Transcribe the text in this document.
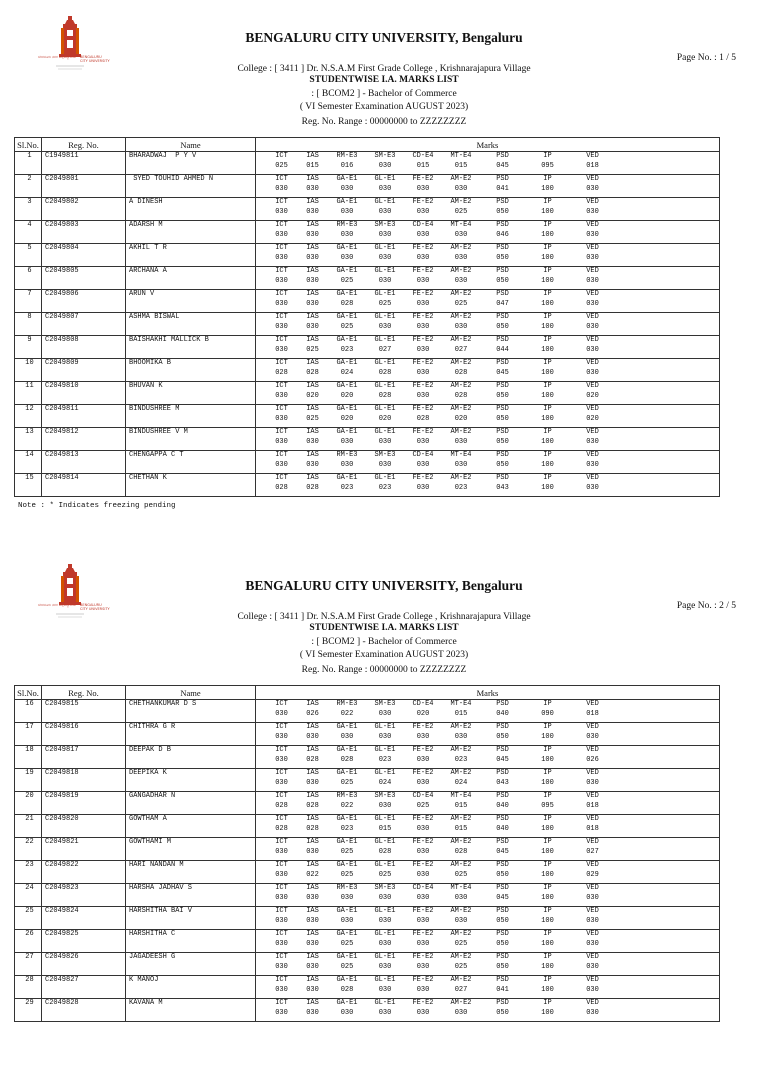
ಬೆಂಗಳೂರು ನಗರ ವಿಶ್ವವಿದ್ಯಾಲಯ BENGALURU
CITY UNIVERSITY
BENGALURU CITY UNIVERSITY, Bengaluru
Page No. : 1 / 5
College : [ 3411 ] Dr. N.S.A.M First Grade College , Krishnarajapura Village
STUDENTWISE I.A. MARKS LIST
: [ BCOM2 ] - Bachelor of Commerce
( VI Semester Examination AUGUST 2023)
Reg. No. Range : 00000000 to ZZZZZZZZ
Sl.No.	Reg. No.	Name	Marks
1	C1949811	BHARADWAJ  P Y V		ICT	IAS	RM-E3	SM-E3	CD-E4	MT-E4	PSD	IP	VED
025	015	016	030	015	015	045	095	018

2	C2049801	SYED TOUHID AHMED N		ICT	IAS	GA-E1	GL-E1	FE-E2	AM-E2	PSD	IP	VED
030	030	030	030	030	030	041	100	030

3	C2049802	A DINESH		ICT	IAS	GA-E1	GL-E1	FE-E2	AM-E2	PSD	IP	VED
030	030	030	030	030	025	050	100	030

4	C2049803	ADARSH M		ICT	IAS	RM-E3	SM-E3	CD-E4	MT-E4	PSD	IP	VED
030	030	030	030	030	030	046	100	030

5	C2049804	AKHIL T R		ICT	IAS	GA-E1	GL-E1	FE-E2	AM-E2	PSD	IP	VED
030	030	030	030	030	030	050	100	030

6	C2049805	ARCHANA A		ICT	IAS	GA-E1	GL-E1	FE-E2	AM-E2	PSD	IP	VED
030	030	025	030	030	030	050	100	030

7	C2049806	ARUN V		ICT	IAS	GA-E1	GL-E1	FE-E2	AM-E2	PSD	IP	VED
030	030	028	025	030	025	047	100	030

8	C2049807	ASHMA BISWAL		ICT	IAS	GA-E1	GL-E1	FE-E2	AM-E2	PSD	IP	VED
030	030	025	030	030	030	050	100	030

9	C2049808	BAISHAKHI MALLICK B		ICT	IAS	GA-E1	GL-E1	FE-E2	AM-E2	PSD	IP	VED
030	025	023	027	030	027	044	100	030

10	C2049809	BHOOMIKA B		ICT	IAS	GA-E1	GL-E1	FE-E2	AM-E2	PSD	IP	VED
028	028	024	028	030	028	045	100	030

11	C2049810	BHUVAN K		ICT	IAS	GA-E1	GL-E1	FE-E2	AM-E2	PSD	IP	VED
030	020	020	028	030	028	050	100	020

12	C2049811	BINDUSHREE M		ICT	IAS	GA-E1	GL-E1	FE-E2	AM-E2	PSD	IP	VED
030	025	020	020	028	020	050	100	020

13	C2049812	BINDUSHREE V M		ICT	IAS	GA-E1	GL-E1	FE-E2	AM-E2	PSD	IP	VED
030	030	030	030	030	030	050	100	030

14	C2049813	CHENGAPPA C T		ICT	IAS	RM-E3	SM-E3	CD-E4	MT-E4	PSD	IP	VED
030	030	030	030	030	030	050	100	030

15	C2049814	CHETHAN K		ICT	IAS	GA-E1	GL-E1	FE-E2	AM-E2	PSD	IP	VED
028	028	023	023	030	023	043	100	030
Note : * Indicates freezing pending
ಬೆಂಗಳೂರು ನಗರ ವಿಶ್ವವಿದ್ಯಾಲಯ BENGALURU
CITY UNIVERSITY
BENGALURU CITY UNIVERSITY, Bengaluru
Page No. : 2 / 5
College : [ 3411 ] Dr. N.S.A.M First Grade College , Krishnarajapura Village
STUDENTWISE I.A. MARKS LIST
: [ BCOM2 ] - Bachelor of Commerce
( VI Semester Examination AUGUST 2023)
Reg. No. Range : 00000000 to ZZZZZZZZ
Sl.No.	Reg. No.	Name	Marks
16	C2049815	CHETHANKUMAR D S		ICT	IAS	RM-E3	SM-E3	CD-E4	MT-E4	PSD	IP	VED
030	026	022	030	020	015	040	090	018

17	C2049816	CHITHRA G R		ICT	IAS	GA-E1	GL-E1	FE-E2	AM-E2	PSD	IP	VED
030	030	030	030	030	030	050	100	030

18	C2049817	DEEPAK D B		ICT	IAS	GA-E1	GL-E1	FE-E2	AM-E2	PSD	IP	VED
030	028	028	023	030	023	045	100	026

19	C2049818	DEEPIKA K		ICT	IAS	GA-E1	GL-E1	FE-E2	AM-E2	PSD	IP	VED
030	030	025	024	030	024	043	100	030

20	C2049819	GANGADHAR N		ICT	IAS	RM-E3	SM-E3	CD-E4	MT-E4	PSD	IP	VED
028	028	022	030	025	015	040	095	018

21	C2049820	GOWTHAM A		ICT	IAS	GA-E1	GL-E1	FE-E2	AM-E2	PSD	IP	VED
028	028	023	015	030	015	040	100	018

22	C2049821	GOWTHAMI M		ICT	IAS	GA-E1	GL-E1	FE-E2	AM-E2	PSD	IP	VED
030	030	025	028	030	028	045	100	027

23	C2049822	HARI NANDAN M		ICT	IAS	GA-E1	GL-E1	FE-E2	AM-E2	PSD	IP	VED
030	022	025	025	030	025	050	100	029

24	C2049823	HARSHA JADHAV S		ICT	IAS	RM-E3	SM-E3	CD-E4	MT-E4	PSD	IP	VED
030	030	030	030	030	030	045	100	030

25	C2049824	HARSHITHA BAI V		ICT	IAS	GA-E1	GL-E1	FE-E2	AM-E2	PSD	IP	VED
030	030	030	030	030	030	050	100	030

26	C2049825	HARSHITHA C		ICT	IAS	GA-E1	GL-E1	FE-E2	AM-E2	PSD	IP	VED
030	030	025	030	030	025	050	100	030

27	C2049826	JAGADEESH G		ICT	IAS	GA-E1	GL-E1	FE-E2	AM-E2	PSD	IP	VED
030	030	025	030	030	025	050	100	030

28	C2049827	K MANOJ		ICT	IAS	GA-E1	GL-E1	FE-E2	AM-E2	PSD	IP	VED
030	030	028	030	030	027	041	100	030

29	C2049828	KAVANA M		ICT	IAS	GA-E1	GL-E1	FE-E2	AM-E2	PSD	IP	VED
030	030	030	030	030	030	050	100	030
